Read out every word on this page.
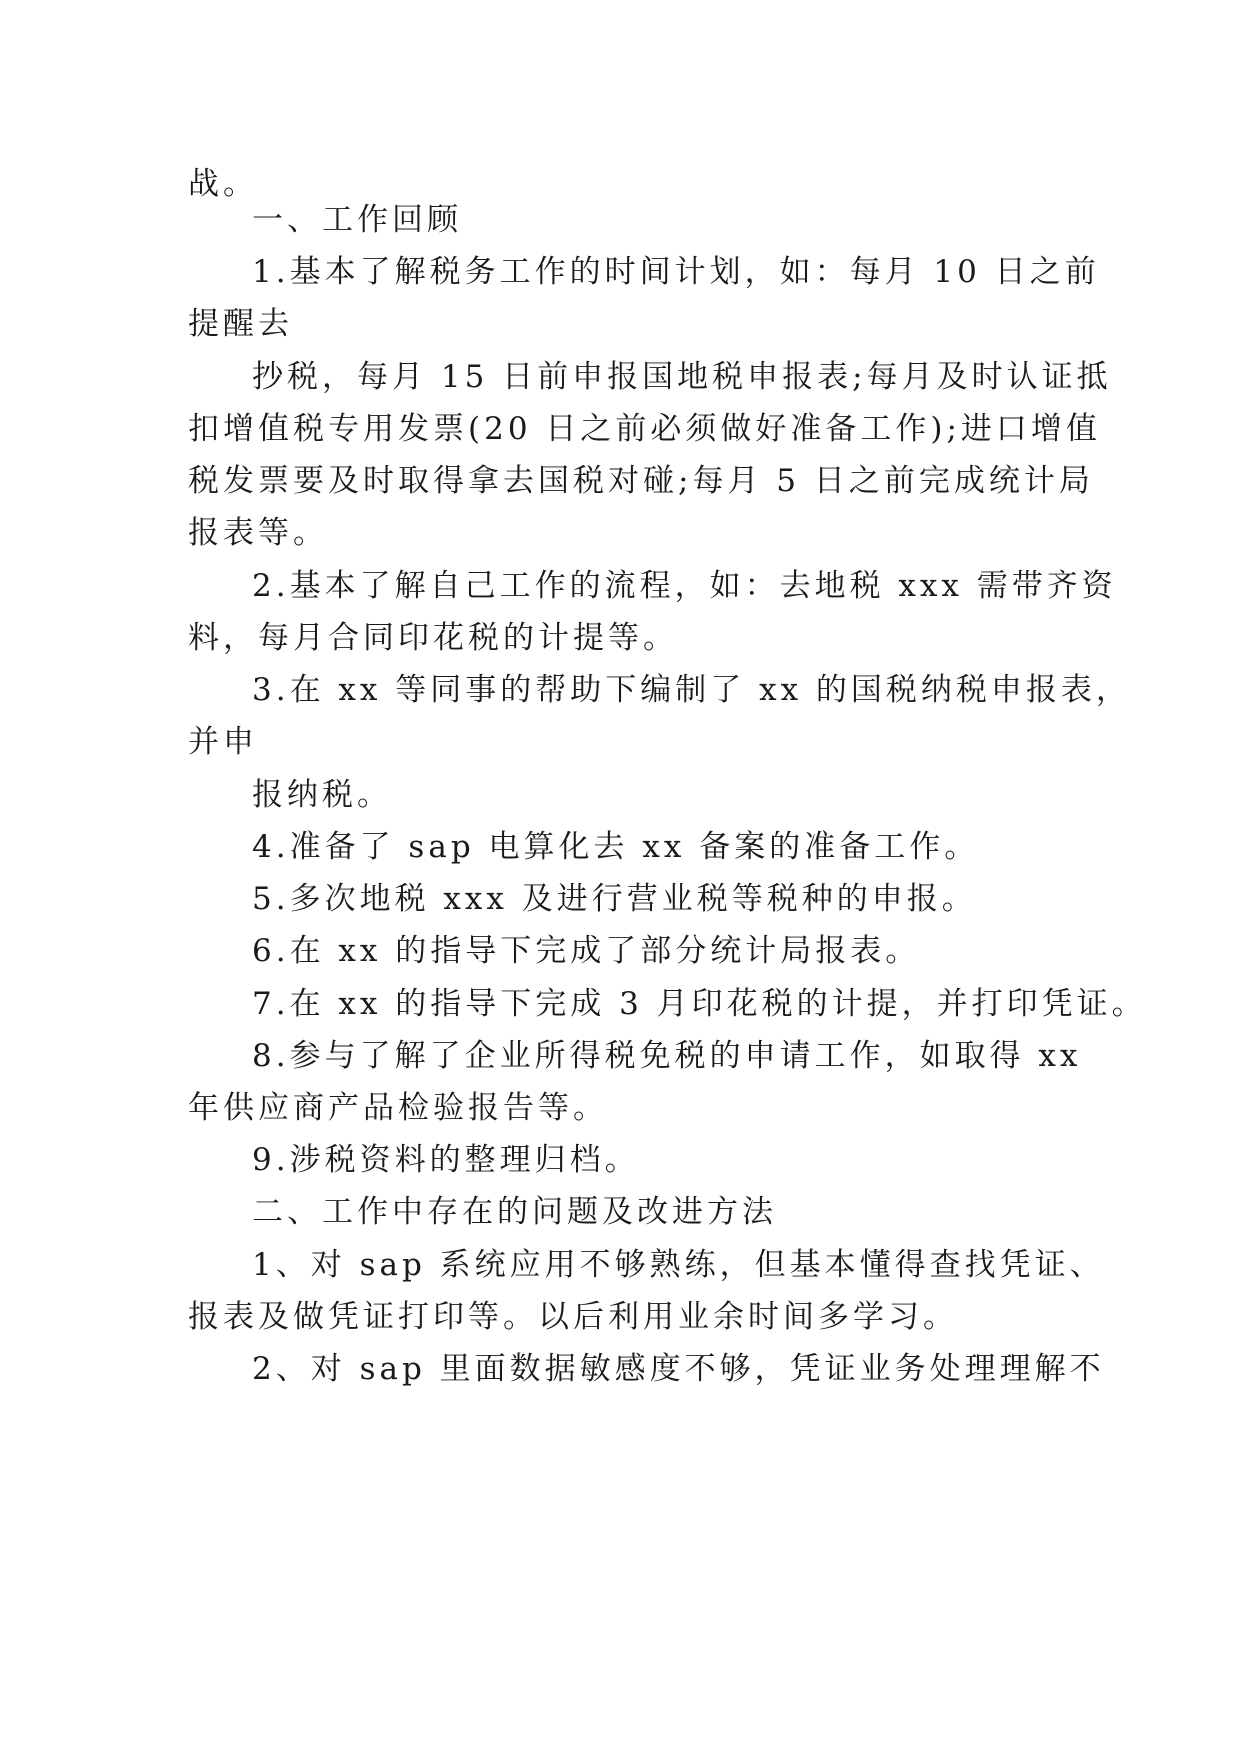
战。
一、工作回顾
1.基本了解税务工作的时间计划，如：每月 10 日之前
提醒去
抄税，每月 15 日前申报国地税申报表;每月及时认证抵
扣增值税专用发票(20 日之前必须做好准备工作);进口增值
税发票要及时取得拿去国税对碰;每月 5 日之前完成统计局
报表等。
2.基本了解自己工作的流程，如：去地税 xxx 需带齐资
料，每月合同印花税的计提等。
3.在 xx 等同事的帮助下编制了 xx 的国税纳税申报表，
并申
报纳税。
4.准备了 sap 电算化去 xx 备案的准备工作。
5.多次地税 xxx 及进行营业税等税种的申报。
6.在 xx 的指导下完成了部分统计局报表。
7.在 xx 的指导下完成 3 月印花税的计提，并打印凭证。
8.参与了解了企业所得税免税的申请工作，如取得 xx
年供应商产品检验报告等。
9.涉税资料的整理归档。
二、工作中存在的问题及改进方法
1、对 sap 系统应用不够熟练，但基本懂得查找凭证、
报表及做凭证打印等。以后利用业余时间多学习。
2、对 sap 里面数据敏感度不够，凭证业务处理理解不
